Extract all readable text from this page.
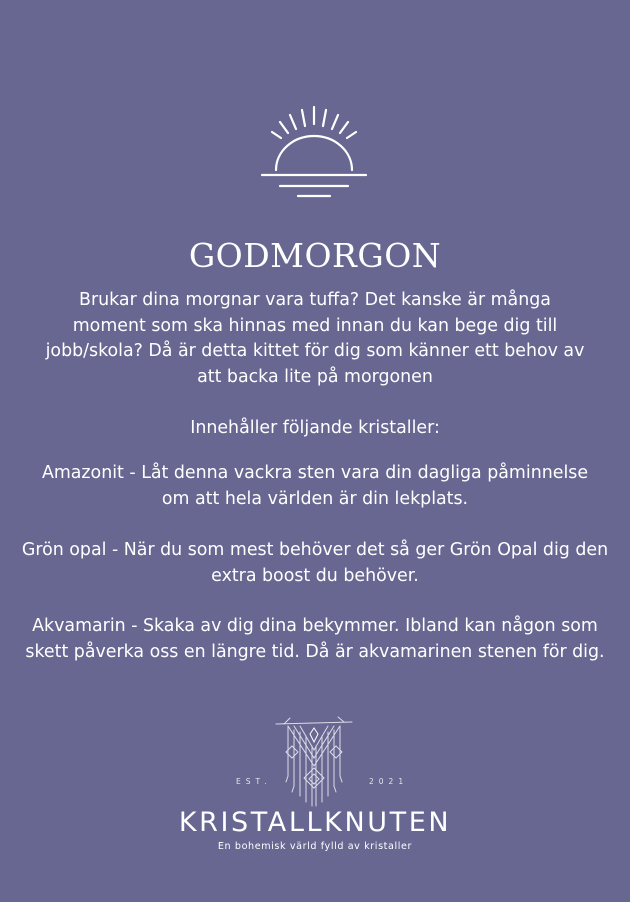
GODMORGON

Brukar dina morgnar vara tuffa? Det kanske är många moment som ska hinnas med innan du kan bege dig till jobb/skola? Då är detta kittet för dig som känner ett behov av att backa lite på morgonen

Innehåller följande kristaller:

Amazonit - Låt denna vackra sten vara din dagliga påminnelse om att hela världen är din lekplats.

Grön opal - När du som mest behöver det så ger Grön Opal dig den extra boost du behöver.

Akvamarin - Skaka av dig dina bekymmer. Ibland kan någon som skett påverka oss en längre tid. Då är akvamarinen stenen för dig.

EST.	2021
KRISTALLKNUTEN

En bohemisk värld fylld av kristaller
